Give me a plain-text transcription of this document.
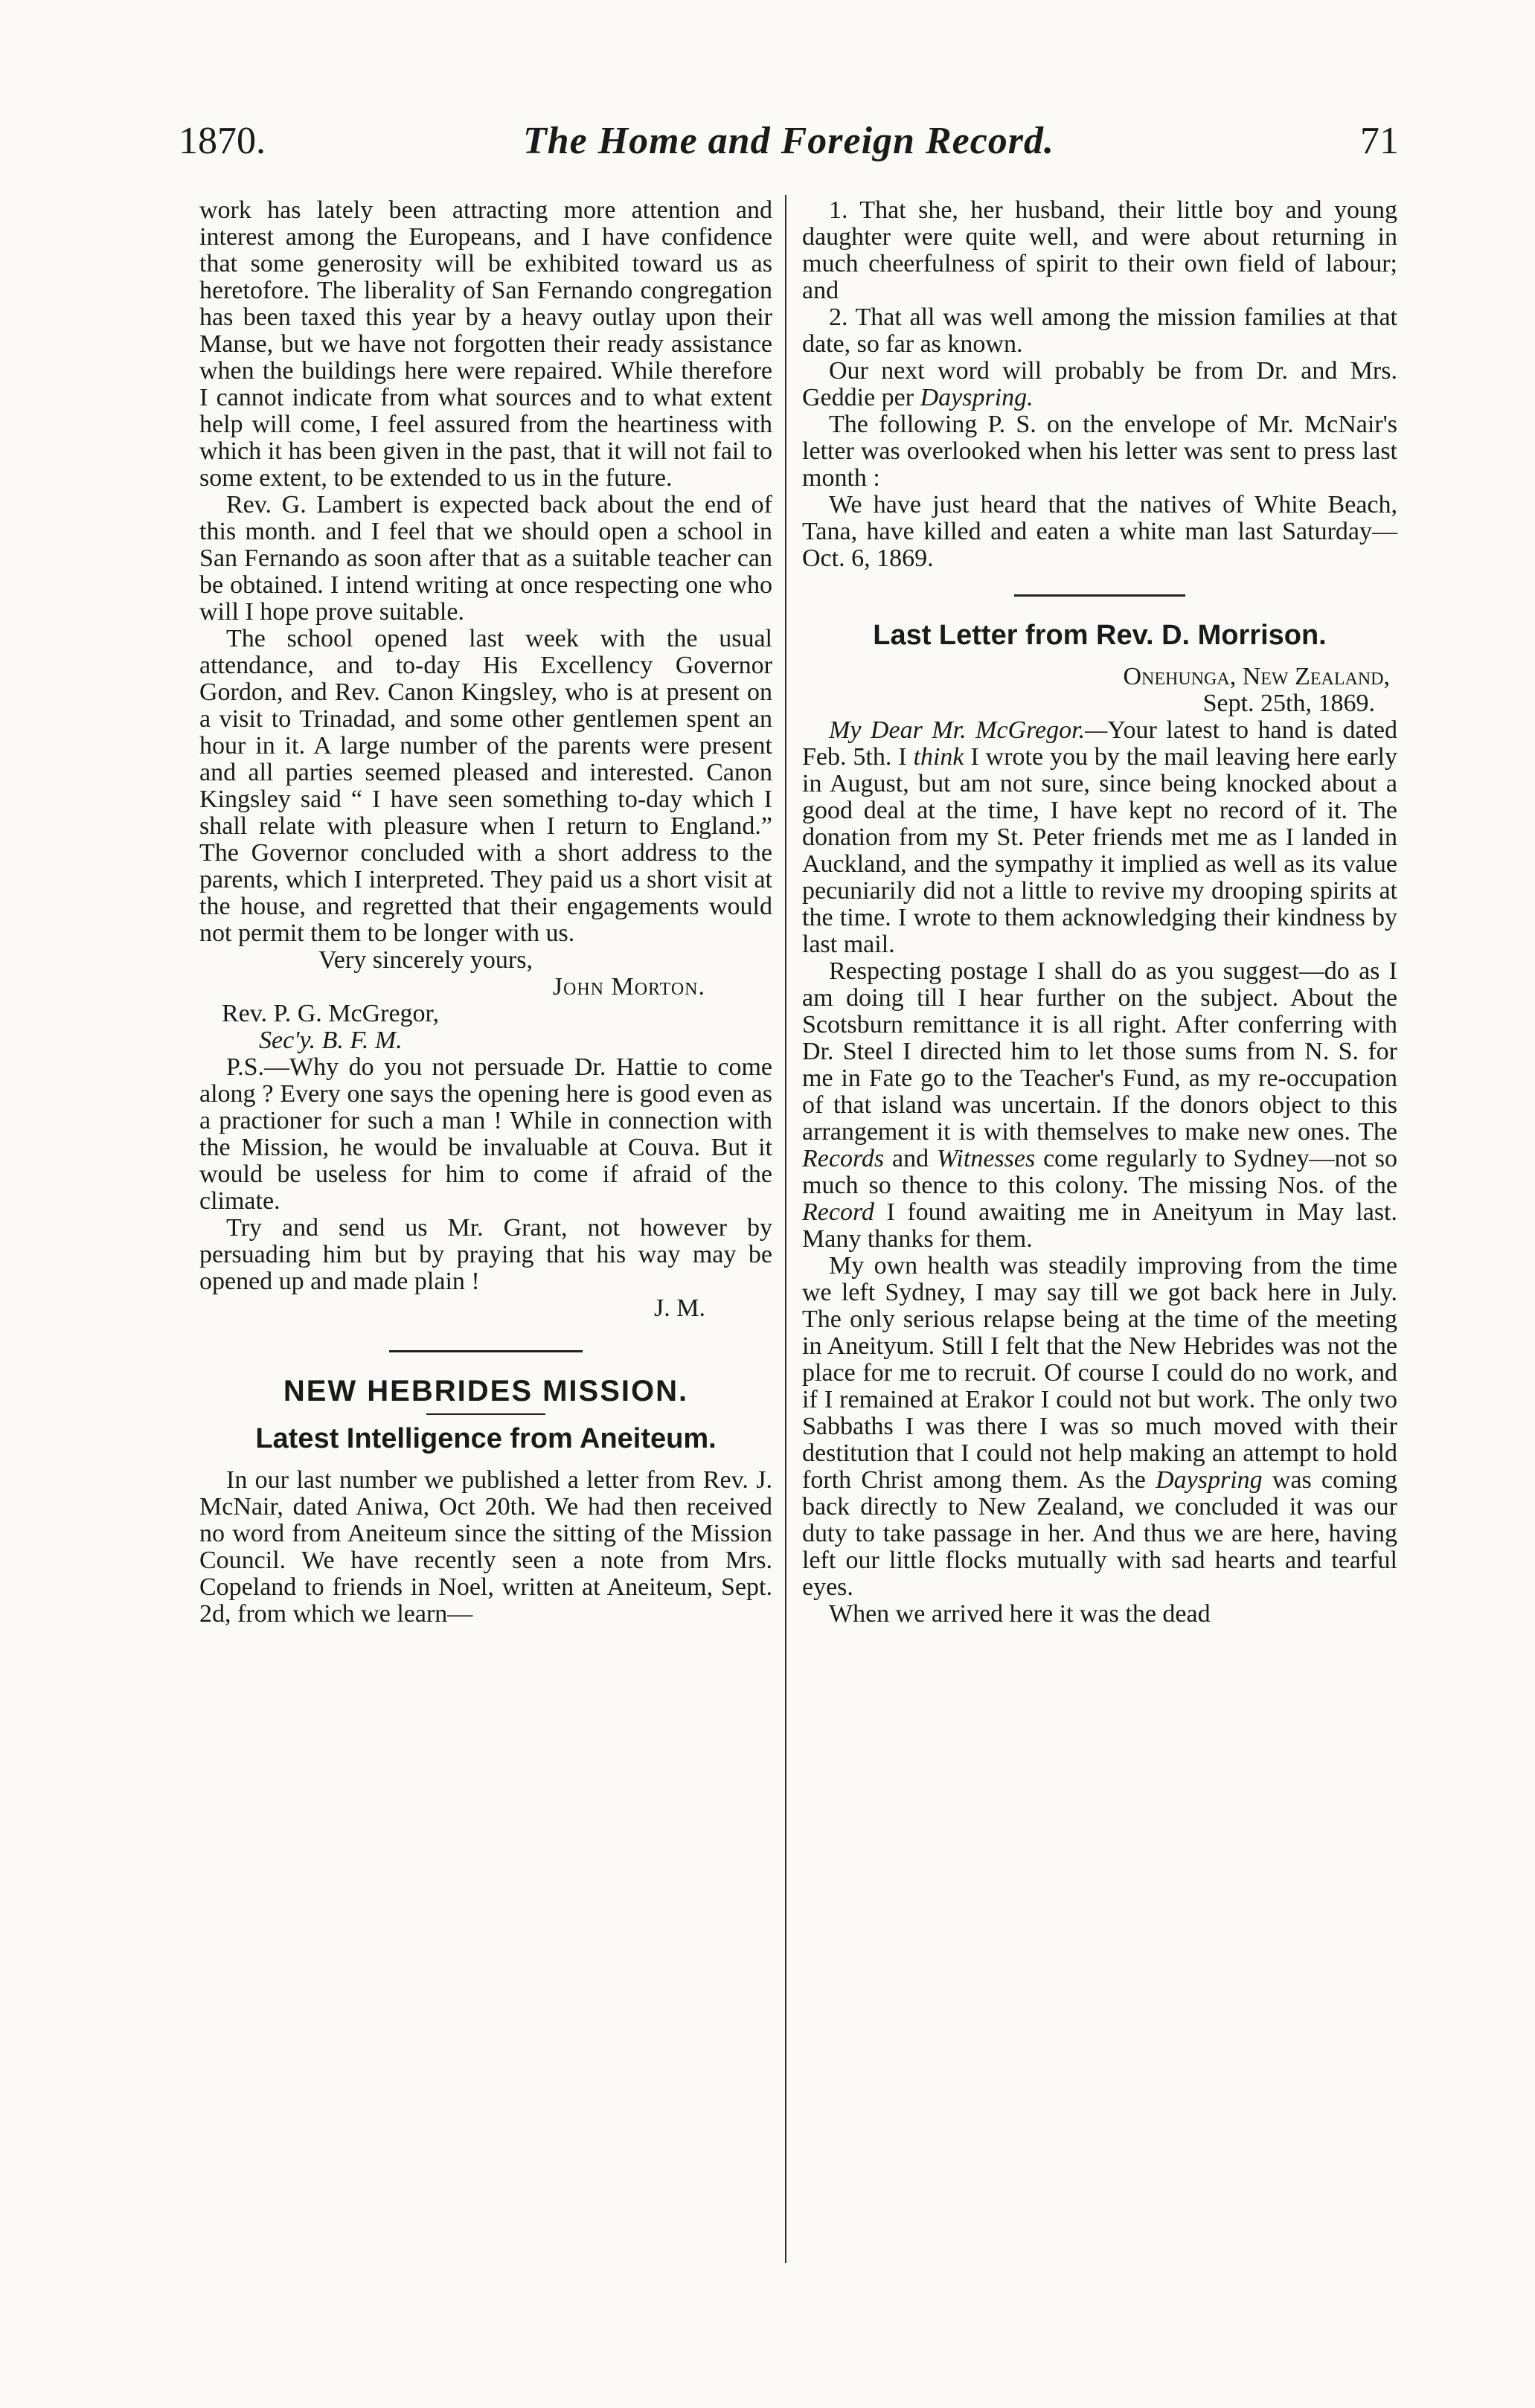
1870.	The Home and Foreign Record.	71

work has lately been attracting more attention and interest among the Europeans, and I have confidence that some generosity will be exhibited toward us as heretofore. The liberality of San Fernando congregation has been taxed this year by a heavy outlay upon their Manse, but we have not forgotten their ready assistance when the buildings here were repaired. While therefore I cannot indicate from what sources and to what extent help will come, I feel assured from the heartiness with which it has been given in the past, that it will not fail to some extent, to be extended to us in the future.

Rev. G. Lambert is expected back about the end of this month. and I feel that we should open a school in San Fernando as soon after that as a suitable teacher can be obtained. I intend writing at once respecting one who will I hope prove suitable.

The school opened last week with the usual attendance, and to-day His Excellency Governor Gordon, and Rev. Canon Kingsley, who is at present on a visit to Trinadad, and some other gentlemen spent an hour in it. A large number of the parents were present and all parties seemed pleased and interested. Canon Kingsley said “ I have seen something to-day which I shall relate with pleasure when I return to England.” The Governor concluded with a short address to the parents, which I interpreted. They paid us a short visit at the house, and regretted that their engagements would not permit them to be longer with us.

Very sincerely yours,

John Morton.

Rev. P. G. McGregor,

Sec'y. B. F. M.

P.S.—Why do you not persuade Dr. Hattie to come along ? Every one says the opening here is good even as a practioner for such a man ! While in connection with the Mission, he would be invaluable at Couva. But it would be useless for him to come if afraid of the climate.

Try and send us Mr. Grant, not however by persuading him but by praying that his way may be opened up and made plain !

J. M.

NEW HEBRIDES MISSION.
Latest Intelligence from Aneiteum.

In our last number we published a letter from Rev. J. McNair, dated Aniwa, Oct 20th. We had then received no word from Aneiteum since the sitting of the Mission Council. We have recently seen a note from Mrs. Copeland to friends in Noel, written at Aneiteum, Sept. 2d, from which we learn—

1. That she, her husband, their little boy and young daughter were quite well, and were about returning in much cheerfulness of spirit to their own field of labour; and

2. That all was well among the mission families at that date, so far as known.

Our next word will probably be from Dr. and Mrs. Geddie per Dayspring.

The following P. S. on the envelope of Mr. McNair's letter was overlooked when his letter was sent to press last month :

We have just heard that the natives of White Beach, Tana, have killed and eaten a white man last Saturday—Oct. 6, 1869.

Last Letter from Rev. D. Morrison.

Onehunga, New Zealand,

Sept. 25th, 1869.

My Dear Mr. McGregor.—Your latest to hand is dated Feb. 5th. I think I wrote you by the mail leaving here early in August, but am not sure, since being knocked about a good deal at the time, I have kept no record of it. The donation from my St. Peter friends met me as I landed in Auckland, and the sympathy it implied as well as its value pecuniarily did not a little to revive my drooping spirits at the time. I wrote to them acknowledging their kindness by last mail.

Respecting postage I shall do as you suggest—do as I am doing till I hear further on the subject. About the Scotsburn remittance it is all right. After conferring with Dr. Steel I directed him to let those sums from N. S. for me in Fate go to the Teacher's Fund, as my re-occupation of that island was uncertain. If the donors object to this arrangement it is with themselves to make new ones. The Records and Witnesses come regularly to Sydney—not so much so thence to this colony. The missing Nos. of the Record I found awaiting me in Aneityum in May last. Many thanks for them.

My own health was steadily improving from the time we left Sydney, I may say till we got back here in July. The only serious relapse being at the time of the meeting in Aneityum. Still I felt that the New Hebrides was not the place for me to recruit. Of course I could do no work, and if I remained at Erakor I could not but work. The only two Sabbaths I was there I was so much moved with their destitution that I could not help making an attempt to hold forth Christ among them. As the Dayspring was coming back directly to New Zealand, we concluded it was our duty to take passage in her. And thus we are here, having left our little flocks mutually with sad hearts and tearful eyes.

When we arrived here it was the dead
